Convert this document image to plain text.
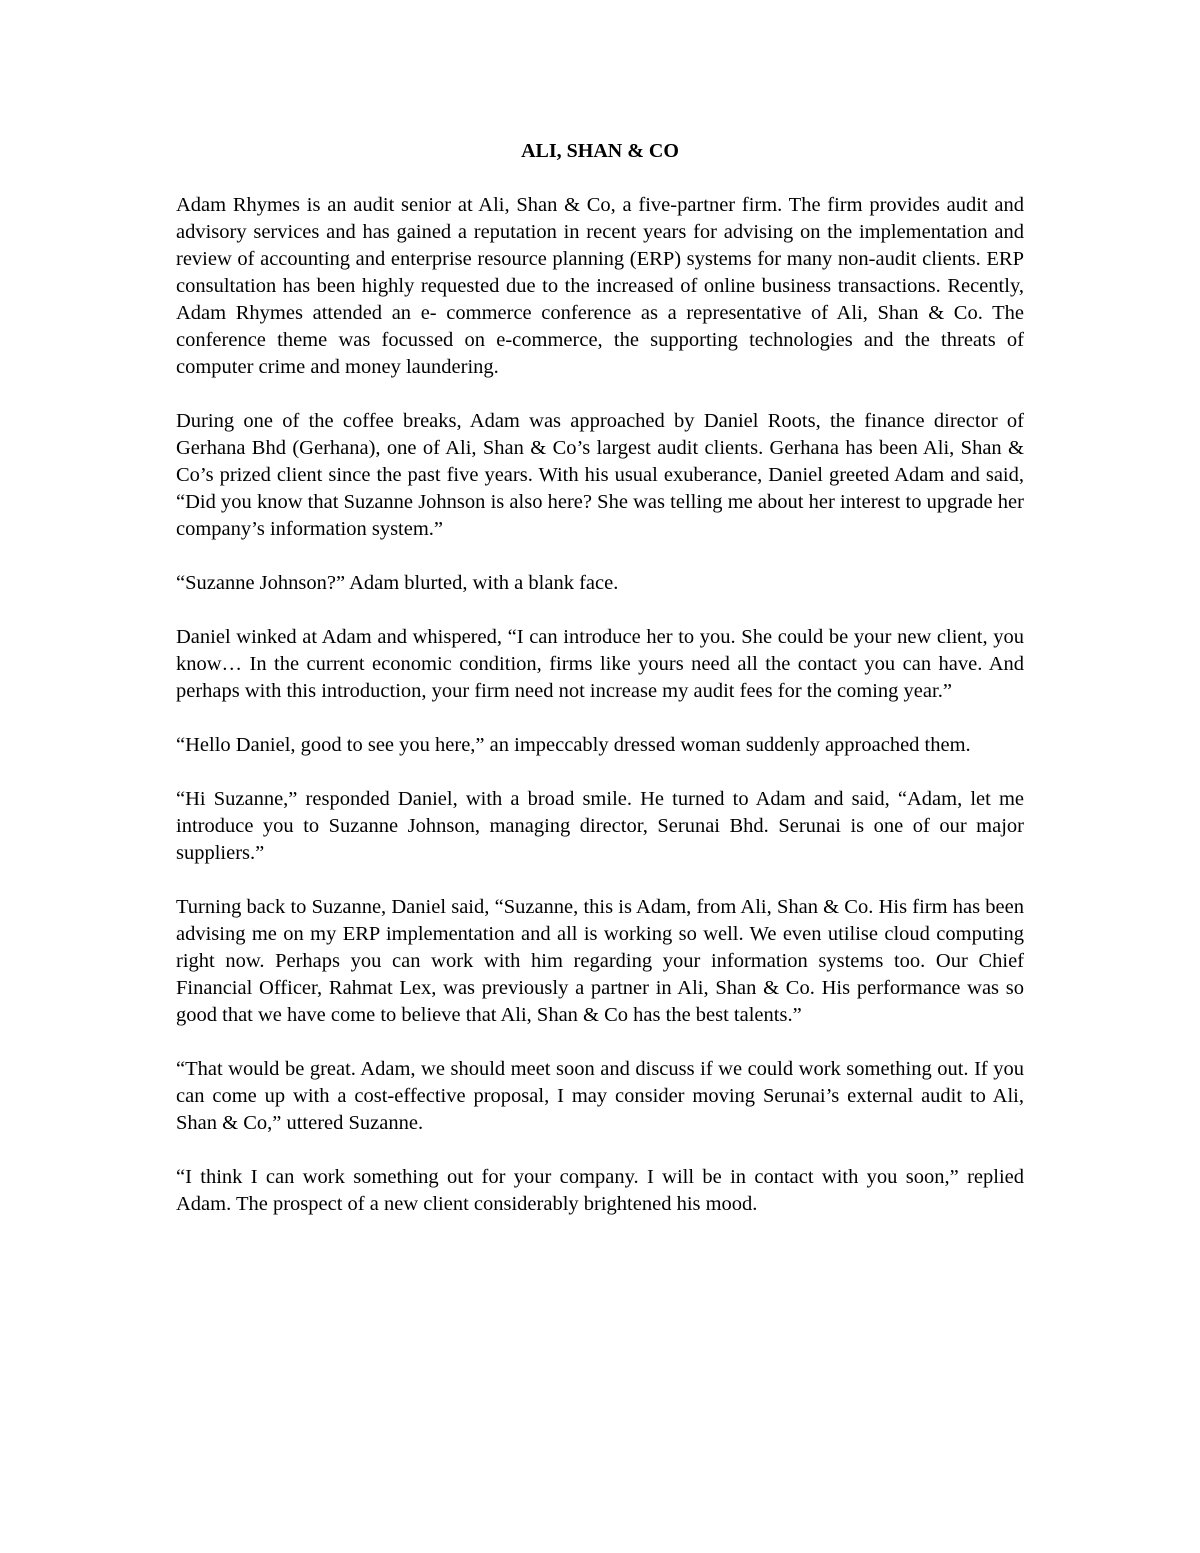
ALI, SHAN & CO

Adam Rhymes is an audit senior at Ali, Shan & Co, a five-partner firm. The firm provides audit and advisory services and has gained a reputation in recent years for advising on the implementation and review of accounting and enterprise resource planning (ERP) systems for many non-audit clients. ERP consultation has been highly requested due to the increased of online business transactions. Recently, Adam Rhymes attended an e- commerce conference as a representative of Ali, Shan & Co. The conference theme was focussed on e-commerce, the supporting technologies and the threats of computer crime and money laundering.

During one of the coffee breaks, Adam was approached by Daniel Roots, the finance director of Gerhana Bhd (Gerhana), one of Ali, Shan & Co’s largest audit clients. Gerhana has been Ali, Shan & Co’s prized client since the past five years. With his usual exuberance, Daniel greeted Adam and said, “Did you know that Suzanne Johnson is also here? She was telling me about her interest to upgrade her company’s information system.”

“Suzanne Johnson?” Adam blurted, with a blank face.

Daniel winked at Adam and whispered, “I can introduce her to you. She could be your new client, you know… In the current economic condition, firms like yours need all the contact you can have. And perhaps with this introduction, your firm need not increase my audit fees for the coming year.”

“Hello Daniel, good to see you here,” an impeccably dressed woman suddenly approached them.

“Hi Suzanne,” responded Daniel, with a broad smile. He turned to Adam and said, “Adam, let me introduce you to Suzanne Johnson, managing director, Serunai Bhd. Serunai is one of our major suppliers.”

Turning back to Suzanne, Daniel said, “Suzanne, this is Adam, from Ali, Shan & Co. His firm has been advising me on my ERP implementation and all is working so well. We even utilise cloud computing right now. Perhaps you can work with him regarding your information systems too. Our Chief Financial Officer, Rahmat Lex, was previously a partner in Ali, Shan & Co. His performance was so good that we have come to believe that Ali, Shan & Co has the best talents.”

“That would be great. Adam, we should meet soon and discuss if we could work something out. If you can come up with a cost-effective proposal, I may consider moving Serunai’s external audit to Ali, Shan & Co,” uttered Suzanne.

“I think I can work something out for your company. I will be in contact with you soon,” replied Adam. The prospect of a new client considerably brightened his mood.
